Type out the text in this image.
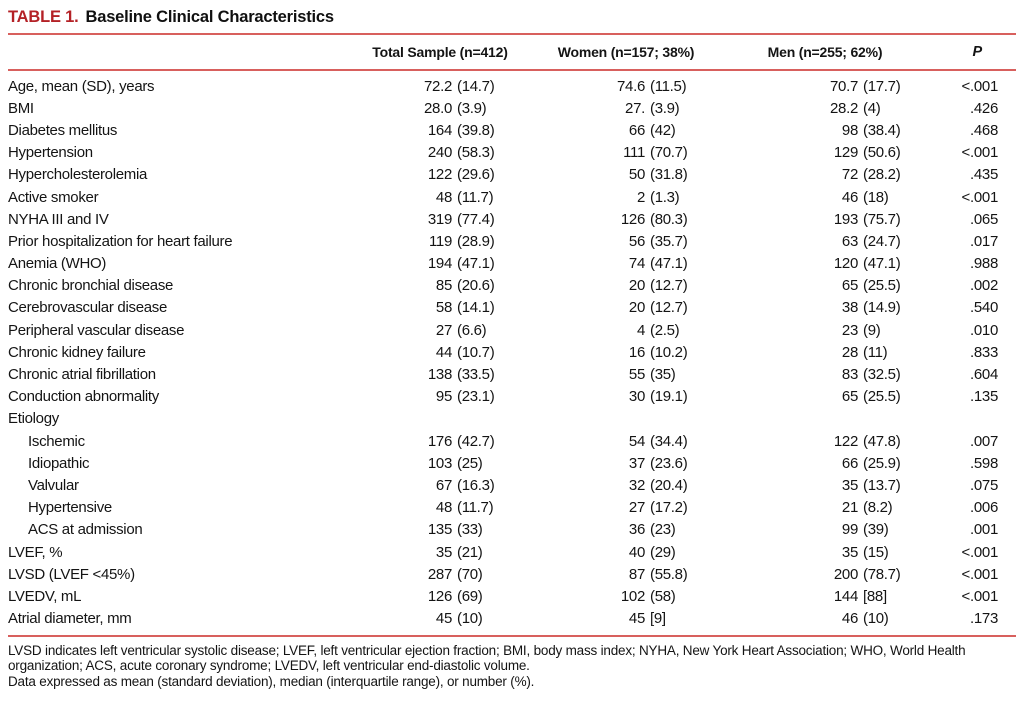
TABLE 1. Baseline Clinical Characteristics
Total Sample (n=412)	Women (n=157; 38%)	Men (n=255; 62%)	P
Age, mean (SD), years	72.2 (14.7)	74.6 (11.5)	70.7 (17.7)	<.001
BMI	28.0 (3.9)	27. (3.9)	28.2 (4)	.426
Diabetes mellitus	164 (39.8)	66 (42)	98 (38.4)	.468
Hypertension	240 (58.3)	111 (70.7)	129 (50.6)	<.001
Hypercholesterolemia	122 (29.6)	50 (31.8)	72 (28.2)	.435
Active smoker	48 (11.7)	2 (1.3)	46 (18)	<.001
NYHA III and IV	319 (77.4)	126 (80.3)	193 (75.7)	.065
Prior hospitalization for heart failure	119 (28.9)	56 (35.7)	63 (24.7)	.017
Anemia (WHO)	194 (47.1)	74 (47.1)	120 (47.1)	.988
Chronic bronchial disease	85 (20.6)	20 (12.7)	65 (25.5)	.002
Cerebrovascular disease	58 (14.1)	20 (12.7)	38 (14.9)	.540
Peripheral vascular disease	27 (6.6)	4 (2.5)	23 (9)	.010
Chronic kidney failure	44 (10.7)	16 (10.2)	28 (11)	.833
Chronic atrial fibrillation	138 (33.5)	55 (35)	83 (32.5)	.604
Conduction abnormality	95 (23.1)	30 (19.1)	65 (25.5)	.135
Etiology
Ischemic	176 (42.7)	54 (34.4)	122 (47.8)	.007
Idiopathic	103 (25)	37 (23.6)	66 (25.9)	.598
Valvular	67 (16.3)	32 (20.4)	35 (13.7)	.075
Hypertensive	48 (11.7)	27 (17.2)	21 (8.2)	.006
ACS at admission	135 (33)	36 (23)	99 (39)	.001
LVEF, %	35 (21)	40 (29)	35 (15)	<.001
LVSD (LVEF <45%)	287 (70)	87 (55.8)	200 (78.7)	<.001
LVEDV, mL	126 (69)	102 (58)	144 [88]	<.001
Atrial diameter, mm	45 (10)	45 [9]	46 (10)	.173
LVSD indicates left ventricular systolic disease; LVEF, left ventricular ejection fraction; BMI, body mass index; NYHA, New York Heart Association; WHO, World Health organization; ACS, acute coronary syndrome; LVEDV, left ventricular end-diastolic volume.
Data expressed as mean (standard deviation), median (interquartile range), or number (%).
